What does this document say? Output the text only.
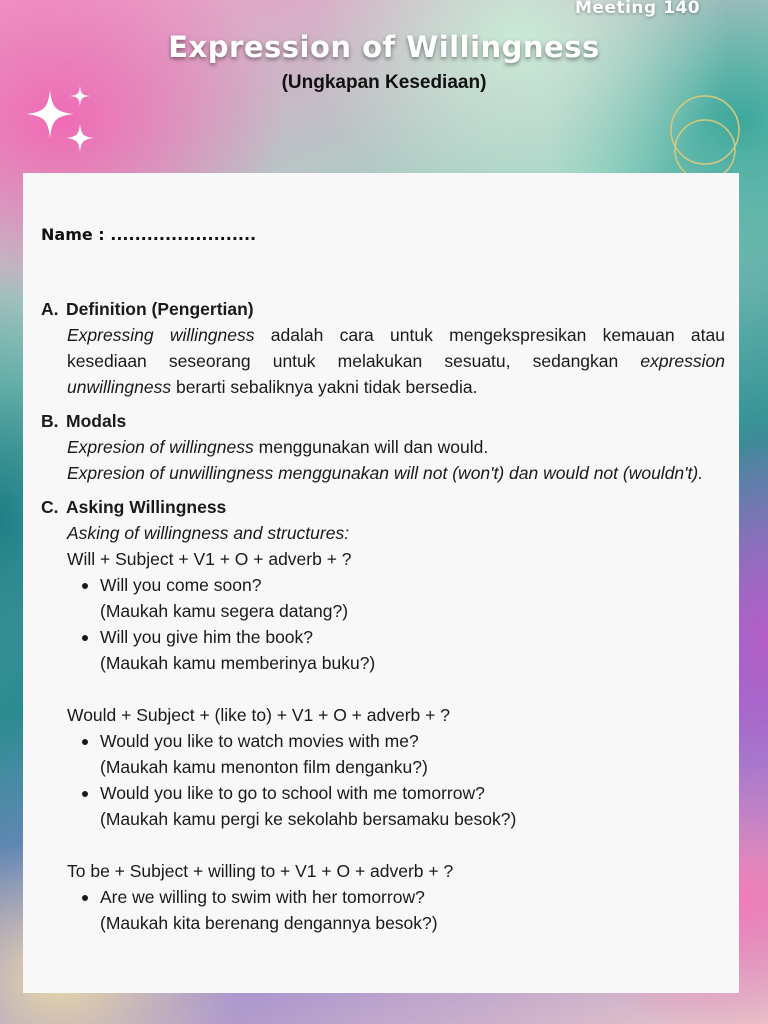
Meeting 140
Expression of Willingness
(Ungkapan Kesediaan)
Name : ........................

A. Definition (Pengertian)

Expressing willingness adalah cara untuk mengekspresikan kemauan atau kesediaan seseorang untuk melakukan sesuatu, sedangkan expression unwillingness berarti sebaliknya yakni tidak bersedia.

B. Modals

Expresion of willingness menggunakan will dan would.

Expresion of unwillingness menggunakan will not (won't) dan would not (wouldn't).

C. Asking Willingness

Asking of willingness and structures:

Will + Subject + V1 + O + adverb + ?

Will you come soon?
(Maukah kamu segera datang?)
Will you give him the book?
(Maukah kamu memberinya buku?)

Would + Subject + (like to) + V1 + O + adverb + ?

Would you like to watch movies with me?
(Maukah kamu menonton film denganku?)
Would you like to go to school with me tomorrow?
(Maukah kamu pergi ke sekolahb bersamaku besok?)

To be + Subject + willing to + V1 + O + adverb + ?

Are we willing to swim with her tomorrow?
(Maukah kita berenang dengannya besok?)
